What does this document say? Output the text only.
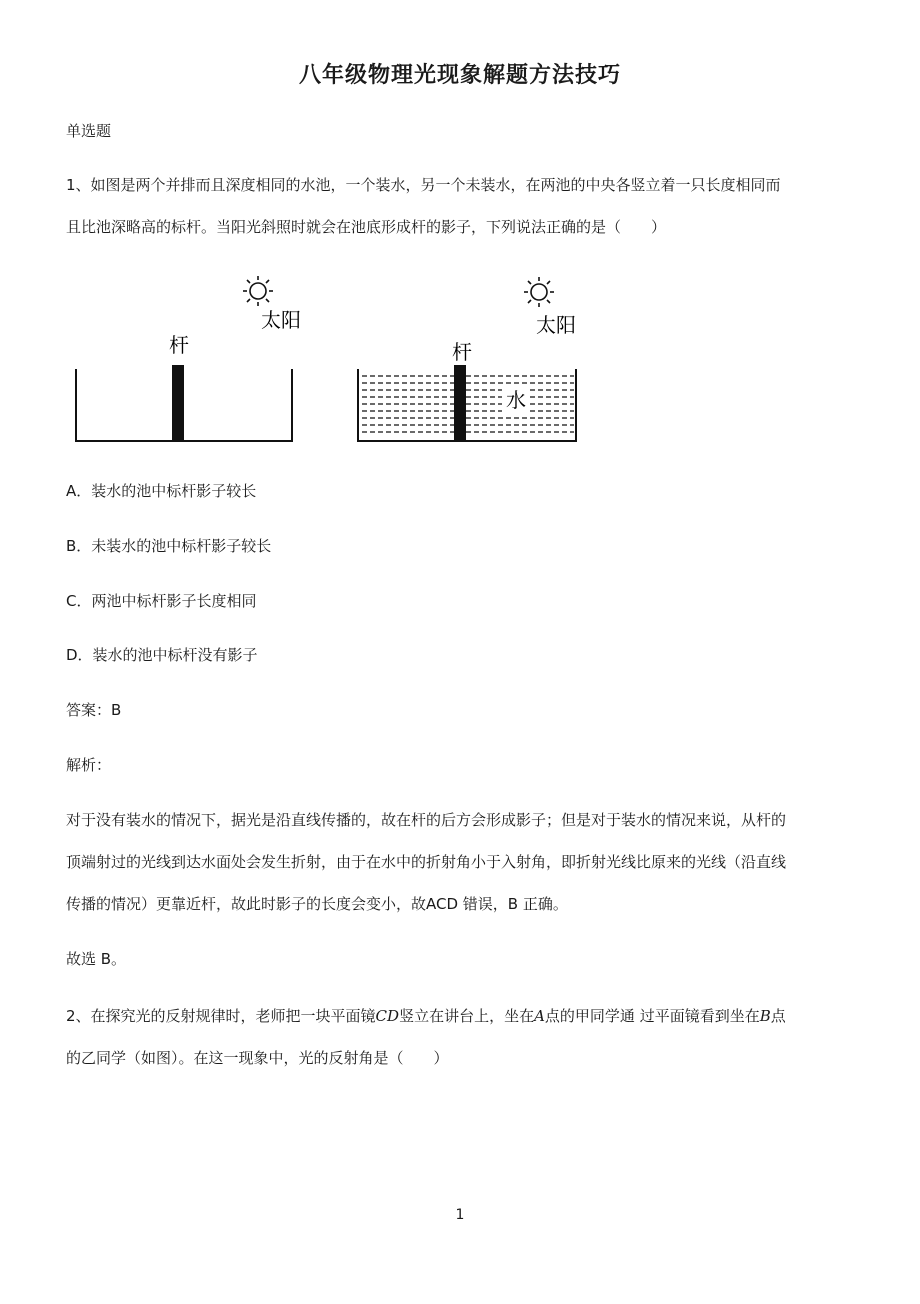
八年级物理光现象解题方法技巧
单选题
1、如图是两个并排而且深度相同的水池，一个装水，另一个未装水，在两池的中央各竖立着一只长度相同而
且比池深略高的标杆。当阳光斜照时就会在池底形成杆的影子，下列说法正确的是（　　）
太阳
杆
水
太阳
杆
A．装水的池中标杆影子较长
B．未装水的池中标杆影子较长
C．两池中标杆影子长度相同
D．装水的池中标杆没有影子
答案：B
解析：
对于没有装水的情况下，据光是沿直线传播的，故在杆的后方会形成影子；但是对于装水的情况来说，从杆的
顶端射过的光线到达水面处会发生折射，由于在水中的折射角小于入射角，即折射光线比原来的光线（沿直线
传播的情况）更靠近杆，故此时影子的长度会变小，故ACD 错误，B 正确。
故选 B。
2、在探究光的反射规律时，老师把一块平面镜CD竖立在讲台上，坐在A点的甲同学通 过平面镜看到坐在B点
的乙同学（如图）。在这一现象中，光的反射角是（　　）
1
